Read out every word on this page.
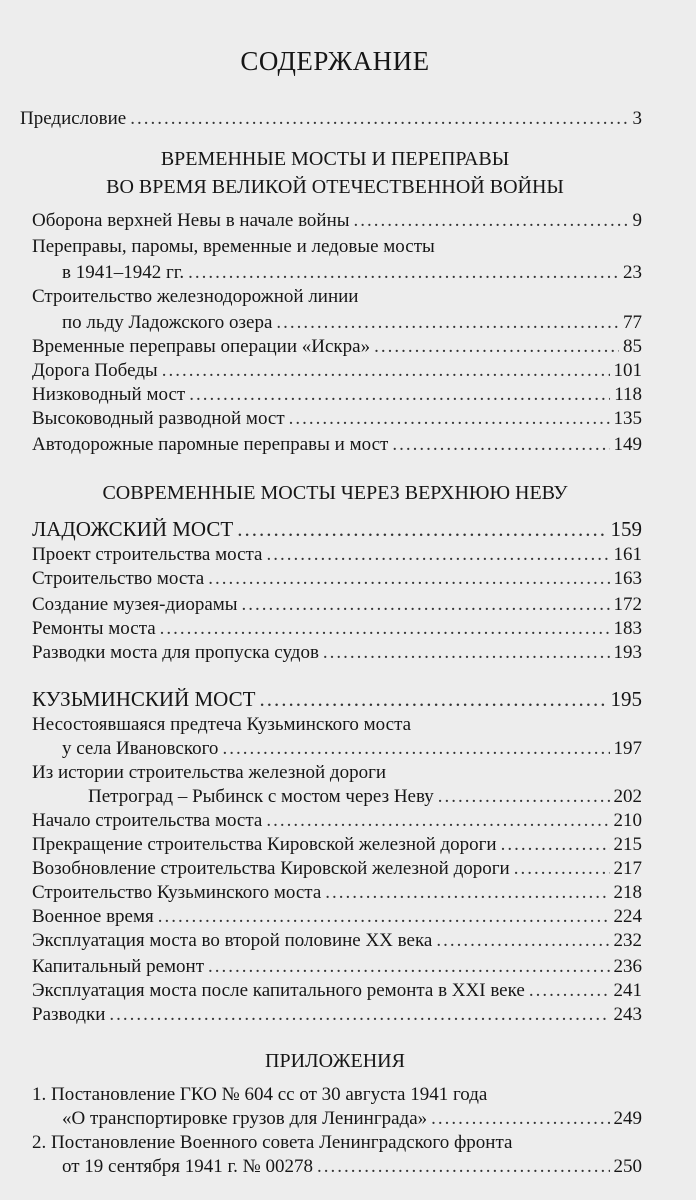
СОДЕРЖАНИЕ
Предисловие .....	3
ВРЕМЕННЫЕ МОСТЫ И ПЕРЕПРАВЫ
ВО ВРЕМЯ ВЕЛИКОЙ ОТЕЧЕСТВЕННОЙ ВОЙНЫ
Оборона верхней Невы в начале войны .....	9
Переправы, паромы, временные и ледовые мосты
в 1941–1942 гг. .....	23
Строительство железнодорожной линии
по льду Ладожского озера .....	77
Временные переправы операции «Искра» .....	85
Дорога Победы .....	101
Низководный мост .....	118
Высоководный разводной мост .....	135
Автодорожные паромные переправы и мост .....	149
СОВРЕМЕННЫЕ МОСТЫ ЧЕРЕЗ ВЕРХНЮЮ НЕВУ
ЛАДОЖСКИЙ МОСТ .....	159
Проект строительства моста .....	161
Строительство моста .....	163
Создание музея-диорамы .....	172
Ремонты моста .....	183
Разводки моста для пропуска судов .....	193
КУЗЬМИНСКИЙ МОСТ .....	195
Несостоявшаяся предтеча Кузьминского моста
у села Ивановского .....	197
Из истории строительства железной дороги
Петроград – Рыбинск с мостом через Неву .....	202
Начало строительства моста .....	210
Прекращение строительства Кировской железной дороги .....	215
Возобновление строительства Кировской железной дороги .....	217
Строительство Кузьминского моста .....	218
Военное время .....	224
Эксплуатация моста во второй половине XX века .....	232
Капитальный ремонт .....	236
Эксплуатация моста после капитального ремонта в XXI веке .....	241
Разводки .....	243
ПРИЛОЖЕНИЯ
1. Постановление ГКО № 604 сс от 30 августа 1941 года
«О транспортировке грузов для Ленинграда» .....	249
2. Постановление Военного совета Ленинградского фронта
от 19 сентября 1941 г. № 00278 .....	250
